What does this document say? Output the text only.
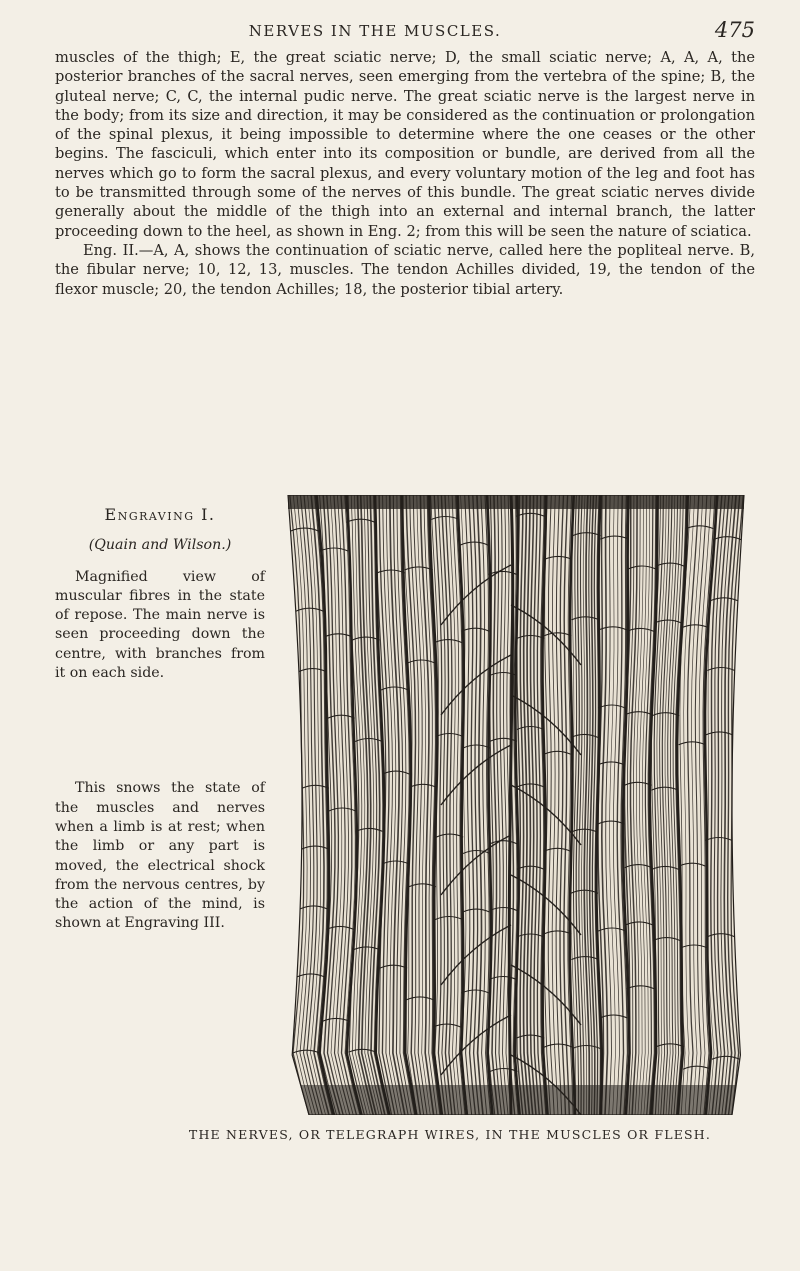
NERVES IN THE MUSCLES.	475

muscles of the thigh; E, the great sciatic nerve; D, the small sciatic nerve; A, A, A, the posterior branches of the sacral nerves, seen emerging from the vertebra of the spine; B, the gluteal nerve; C, C, the internal pudic nerve. The great sciatic nerve is the largest nerve in the body; from its size and direction, it may be considered as the continuation or prolongation of the spinal plexus, it being impossible to determine where the one ceases or the other begins. The fasciculi, which enter into its composition or bundle, are derived from all the nerves which go to form the sacral plexus, and every voluntary motion of the leg and foot has to be transmitted through some of the nerves of this bundle. The great sciatic nerves divide generally about the middle of the thigh into an external and internal branch, the latter proceeding down to the heel, as shown in Eng. 2; from this will be seen the nature of sciatica.

Eng. II.—A, A, shows the continuation of sciatic nerve, called here the popliteal nerve. B, the fibular nerve; 10, 12, 13, muscles. The tendon Achilles divided, 19, the tendon of the flexor muscle; 20, the tendon Achilles; 18, the posterior tibial artery.

Engraving I.

(Quain and Wilson.)

Magnified view of muscular fibres in the state of repose. The main nerve is seen proceeding down the centre, with branches from it on each side.

This snows the state of the muscles and nerves when a limb is at rest; when the limb or any part is moved, the electrical shock from the nervous centres, by the action of the mind, is shown at Engraving III.

THE NERVES, OR TELEGRAPH WIRES, IN THE MUSCLES OR FLESH.
